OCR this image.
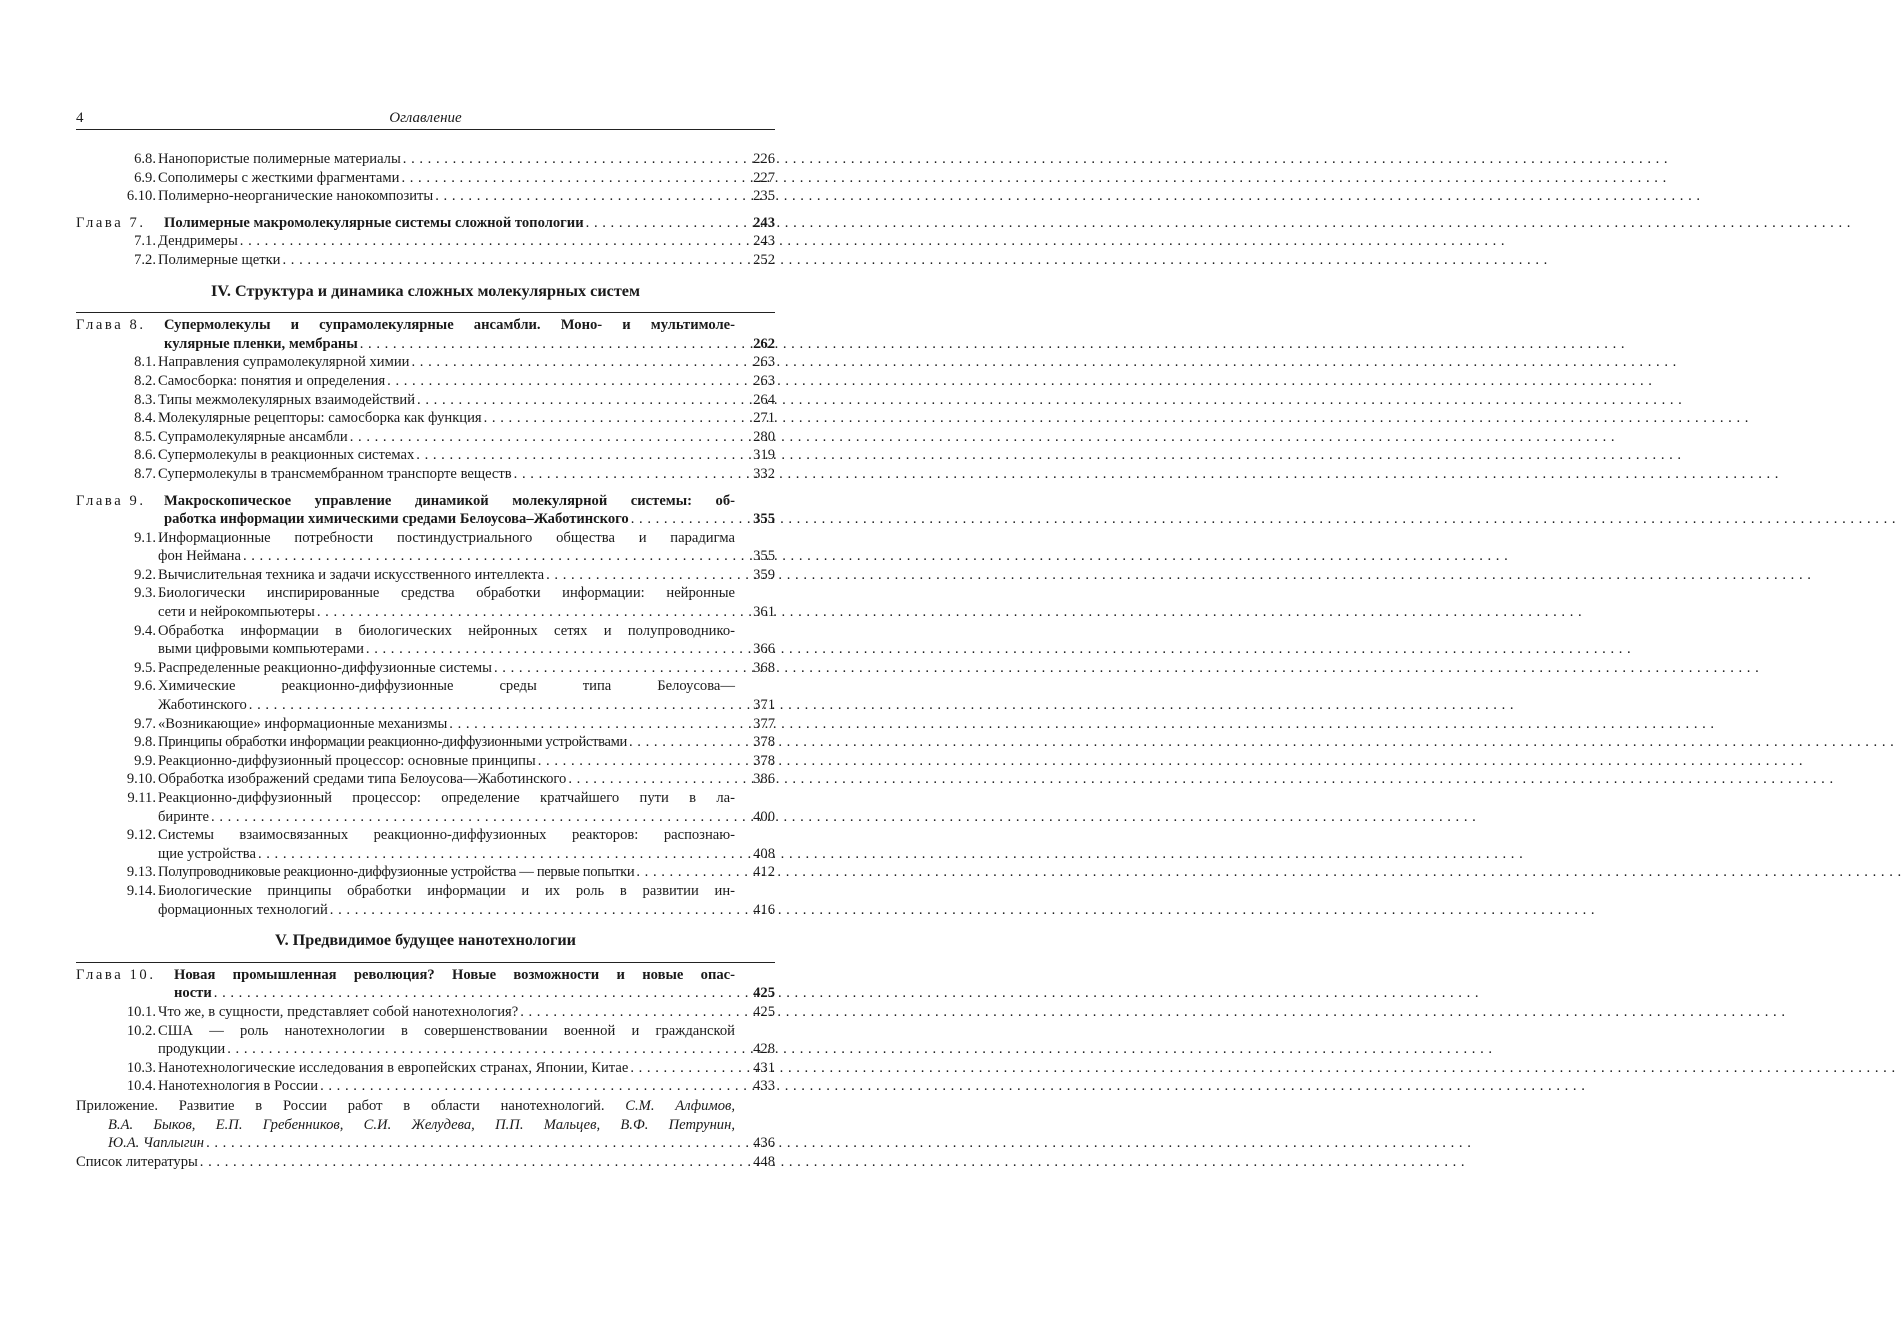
4	Оглавление
6.8. Нанопористые полимерные материалы . . .	226
6.9. Сополимеры с жесткими фрагментами . . .	227
6.10. Полимерно-неорганические нанокомпозиты . . .	235
Глава 7.	Полимерные макромолекулярные системы сложной топологии . . .	243
7.1. Дендримеры . . .	243
7.2. Полимерные щетки . . .	252
IV. Структура и динамика сложных молекулярных систем
Глава 8.	Супермолекулы и супрамолекулярные ансамбли. Моно- и мультимоле-
кулярные пленки, мембраны . . .	262
8.1. Направления супрамолекулярной химии . . .	263
8.2. Самосборка: понятия и определения . . .	263
8.3. Типы межмолекулярных взаимодействий . . .	264
8.4. Молекулярные рецепторы: самосборка как функция . . .	271
8.5. Супрамолекулярные ансамбли . . .	280
8.6. Супермолекулы в реакционных системах . . .	319
8.7. Супермолекулы в трансмембранном транспорте веществ . . .	332
Глава 9.	Макроскопическое управление динамикой молекулярной системы: об-
работка информации химическими средами Белоусова–Жаботинского . . .	355
9.1. Информационные потребности постиндустриального общества и парадигма
фон Неймана . . .	355
9.2. Вычислительная техника и задачи искусственного интеллекта . . .	359
9.3. Биологически инспирированные средства обработки информации: нейронные
сети и нейрокомпьютеры . . .	361
9.4. Обработка информации в биологических нейронных сетях и полупроводнико-
выми цифровыми компьютерами . . .	366
9.5. Распределенные реакционно-диффузионные системы . . .	368
9.6. Химические реакционно-диффузионные среды типа Белоусова—
Жаботинского . . .	371
9.7. «Возникающие» информационные механизмы . . .	377
9.8. Принципы обработки информации реакционно-диффузионными устройствами . . .	378
9.9. Реакционно-диффузионный процессор: основные принципы . . .	378
9.10. Обработка изображений средами типа Белоусова—Жаботинского . . .	386
9.11. Реакционно-диффузионный процессор: определение кратчайшего пути в ла-
биринте . . .	400
9.12. Системы взаимосвязанных реакционно-диффузионных реакторов: распознаю-
щие устройства . . .	408
9.13. Полупроводниковые реакционно-диффузионные устройства — первые попытки . . .	412
9.14. Биологические принципы обработки информации и их роль в развитии ин-
формационных технологий . . .	416
V. Предвидимое будущее нанотехнологии
Глава 10.	Новая промышленная революция? Новые возможности и новые опас-
ности . . .	425
10.1. Что же, в сущности, представляет собой нанотехнология? . . .	425
10.2. США — роль нанотехнологии в совершенствовании военной и гражданской
продукции . . .	428
10.3. Нанотехнологические исследования в европейских странах, Японии, Китае . . .	431
10.4. Нанотехнология в России . . .	433
Приложение. Развитие в России работ в области нанотехнологий. С.М. Алфимов,
В.А. Быков, Е.П. Гребенников, С.И. Желудева, П.П. Мальцев, В.Ф. Петрунин,
Ю.А. Чаплыгин . . .	436
Список литературы . . .	448
